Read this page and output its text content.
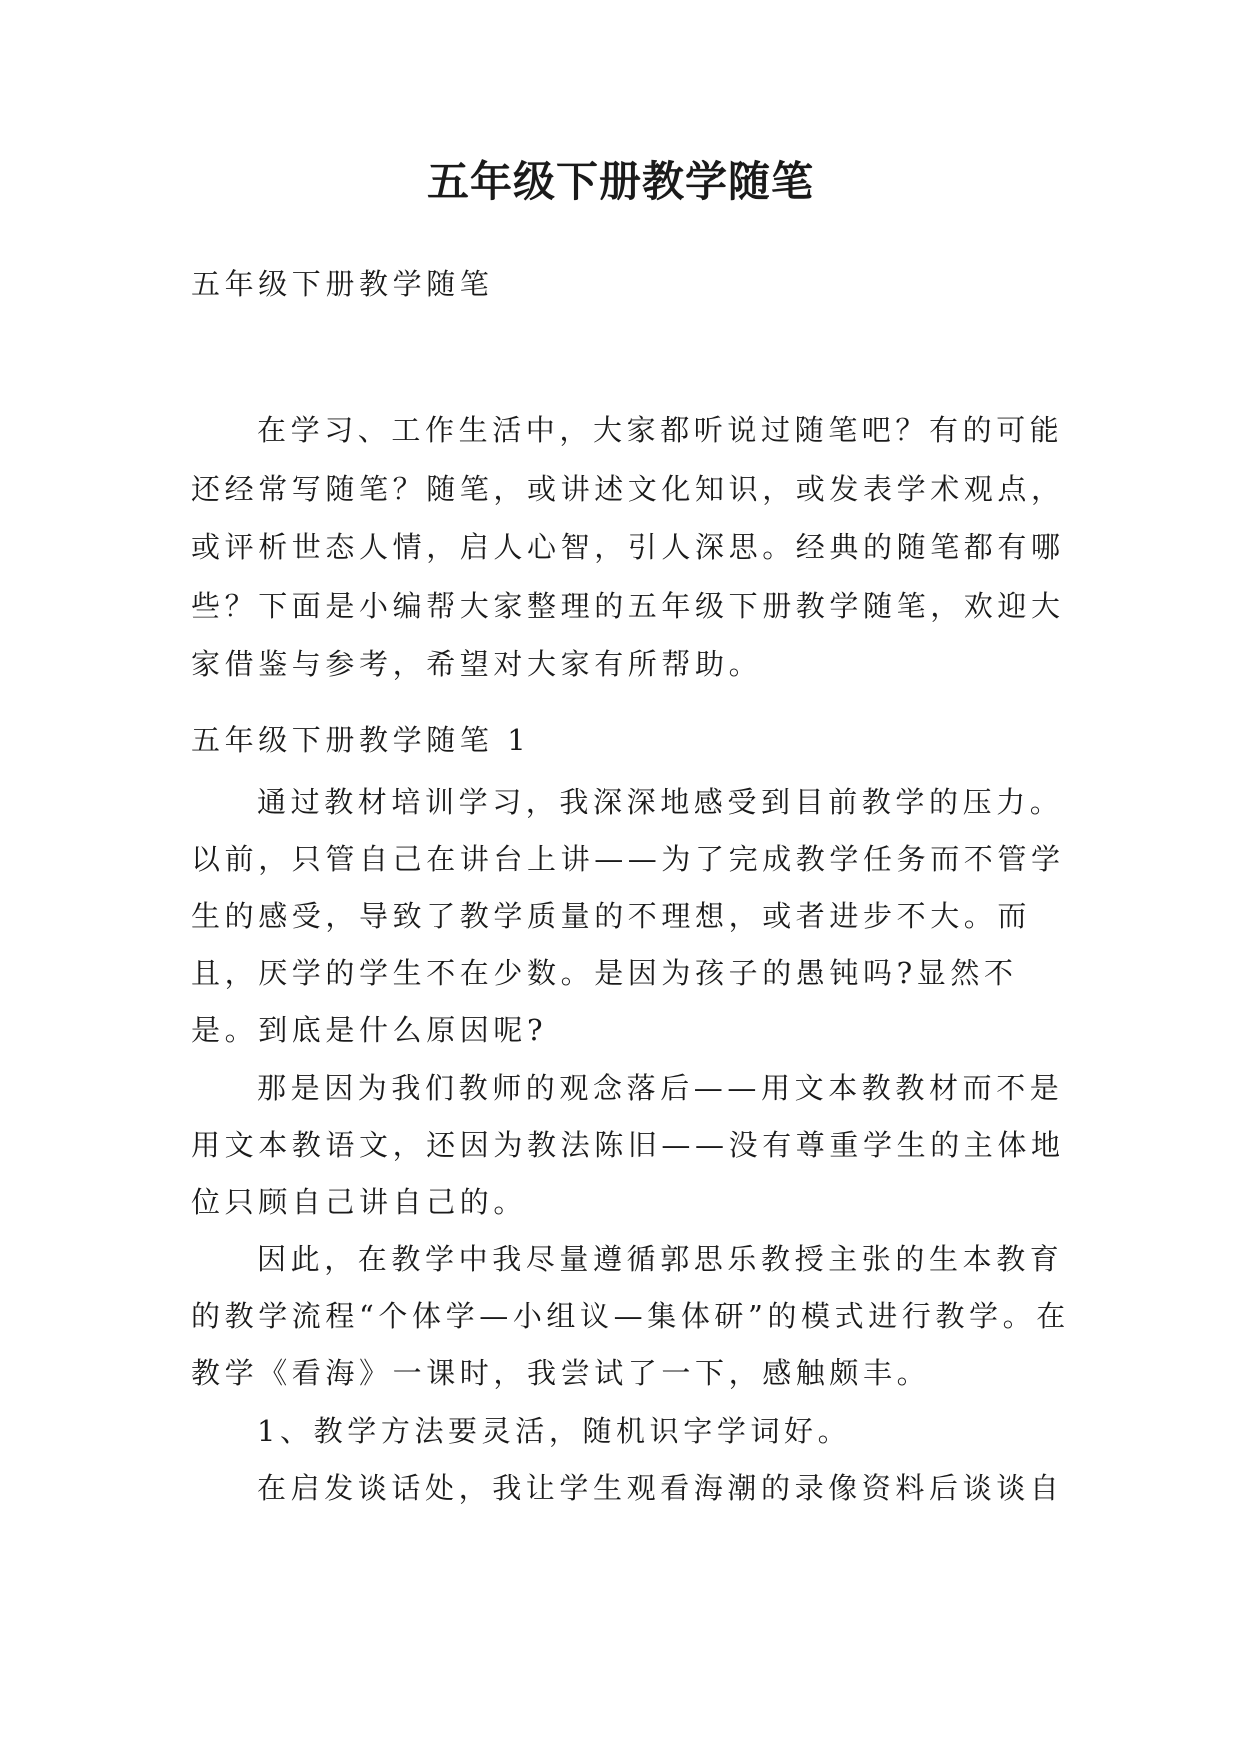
五年级下册教学随笔

五年级下册教学随笔

在学习、工作生活中，大家都听说过随笔吧？有的可能还经常写随笔？随笔，或讲述文化知识，或发表学术观点，或评析世态人情，启人心智，引人深思。经典的随笔都有哪些？下面是小编帮大家整理的五年级下册教学随笔，欢迎大家借鉴与参考，希望对大家有所帮助。

五年级下册教学随笔 1

通过教材培训学习，我深深地感受到目前教学的压力。以前，只管自己在讲台上讲——为了完成教学任务而不管学生的感受，导致了教学质量的不理想，或者进步不大。而且，厌学的学生不在少数。是因为孩子的愚钝吗?显然不是。到底是什么原因呢?

那是因为我们教师的观念落后——用文本教教材而不是用文本教语文，还因为教法陈旧——没有尊重学生的主体地位只顾自己讲自己的。

因此，在教学中我尽量遵循郭思乐教授主张的生本教育的教学流程“个体学—小组议—集体研”的模式进行教学。在教学《看海》一课时，我尝试了一下，感触颇丰。

1、教学方法要灵活，随机识字学词好。

在启发谈话处，我让学生观看海潮的录像资料后谈谈自
